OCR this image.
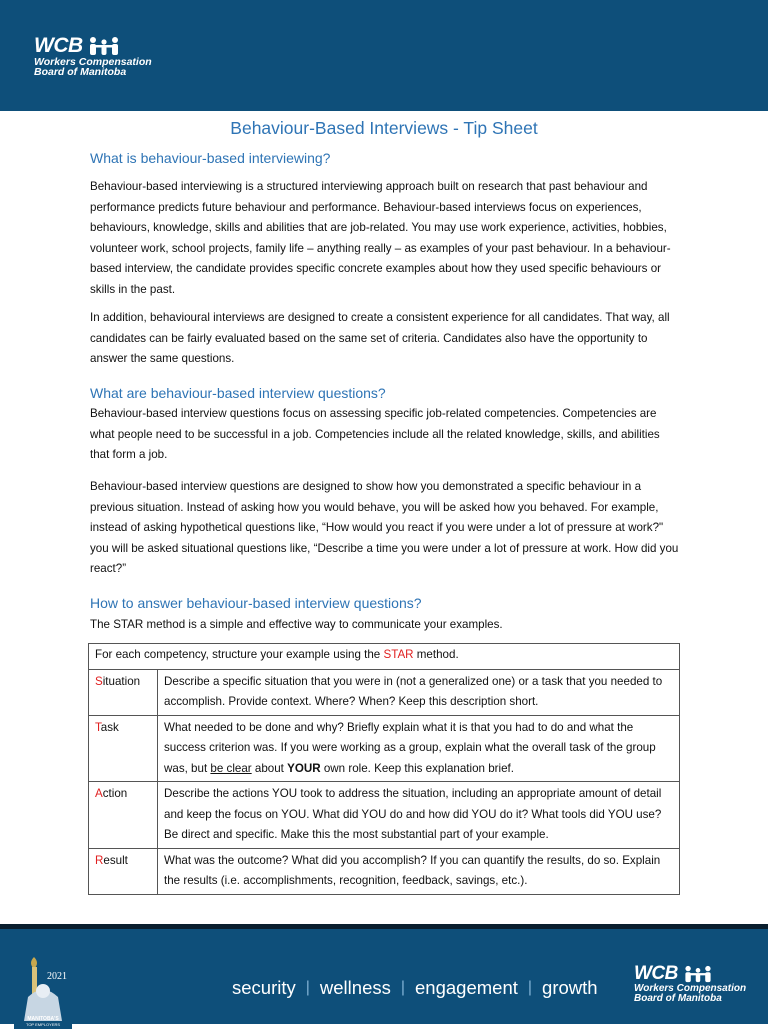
WCB
Workers Compensation
Board of Manitoba
Behaviour-Based Interviews - Tip Sheet
What is behaviour-based interviewing?

Behaviour-based interviewing is a structured interviewing approach built on research that past behaviour and performance predicts future behaviour and performance. Behaviour-based interviews focus on experiences, behaviours, knowledge, skills and abilities that are job-related. You may use work experience, activities, hobbies, volunteer work, school projects, family life – anything really – as examples of your past behaviour. In a behaviour-based interview, the candidate provides specific concrete examples about how they used specific behaviours or skills in the past.

In addition, behavioural interviews are designed to create a consistent experience for all candidates. That way, all candidates can be fairly evaluated based on the same set of criteria. Candidates also have the opportunity to answer the same questions.

What are behaviour-based interview questions?

Behaviour-based interview questions focus on assessing specific job-related competencies. Competencies are what people need to be successful in a job. Competencies include all the related knowledge, skills, and abilities that form a job.

Behaviour-based interview questions are designed to show how you demonstrated a specific behaviour in a previous situation. Instead of asking how you would behave, you will be asked how you behaved. For example, instead of asking hypothetical questions like, “How would you react if you were under a lot of pressure at work?" you will be asked situational questions like, “Describe a time you were under a lot of pressure at work. How did you react?”

How to answer behaviour-based interview questions?

The STAR method is a simple and effective way to communicate your examples.

For each competency, structure your example using the STAR method.	
Situation	Describe a specific situation that you were in (not a generalized one) or a task that you needed to accomplish. Provide context. Where? When? Keep this description short.
Task	What needed to be done and why? Briefly explain what it is that you had to do and what the success criterion was. If you were working as a group, explain what the overall task of the group was, but be clear about YOUR own role. Keep this explanation brief.
Action	Describe the actions YOU took to address the situation, including an appropriate amount of detail and keep the focus on YOU. What did YOU do and how did YOU do it? What tools did YOU use? Be direct and specific. Make this the most substantial part of your example.
Result	What was the outcome? What did you accomplish? If you can quantify the results, do so. Explain the results (i.e. accomplishments, recognition, feedback, savings, etc.).
2021
MANITOBA'S
TOP EMPLOYERS
security | wellness | engagement | growth
WCB
Workers Compensation
Board of Manitoba
